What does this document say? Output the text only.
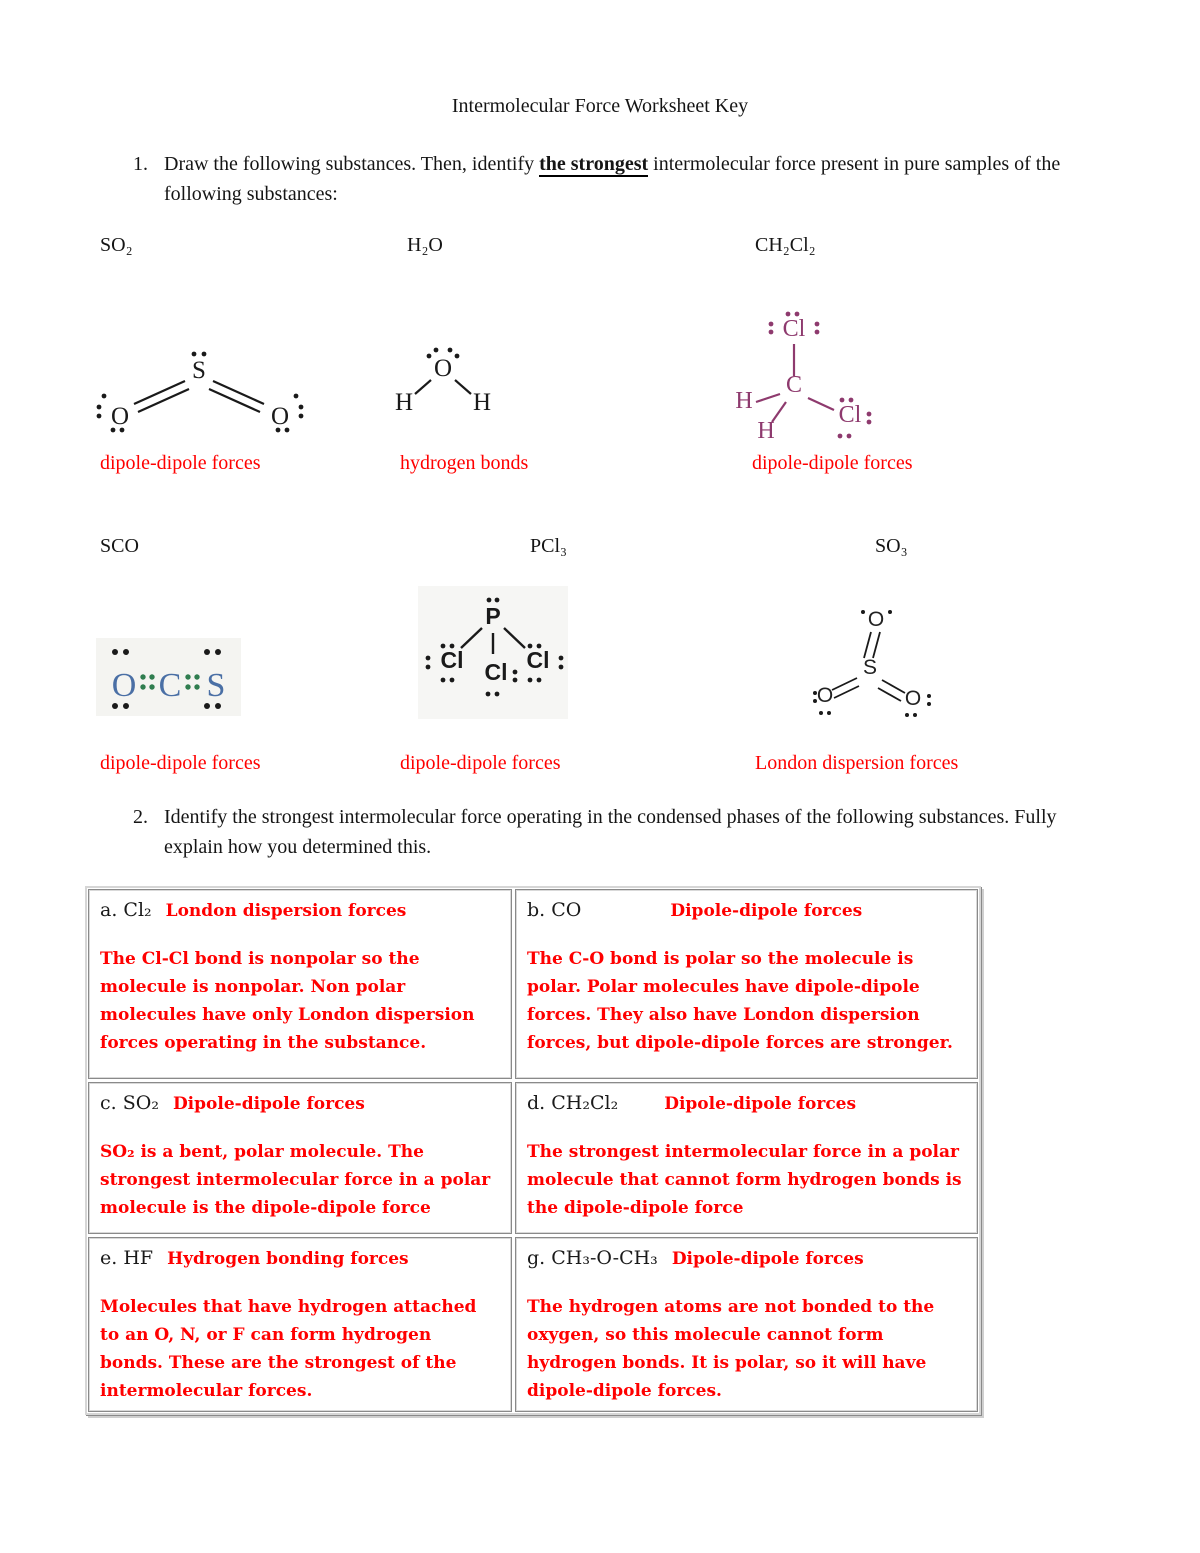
Intermolecular Force Worksheet Key
1. Draw the following substances. Then, identify the strongest intermolecular force present in pure samples of the following substances:
SO₂	H₂O	CH₂Cl₂
S
O	O
O
H H
Cl
C
H
H
Cl
dipole-dipole forces	hydrogen bonds	dipole-dipole forces
SCO	PCl₃	SO₃
O C S
P
Cl Cl Cl
O
S
O	O
dipole-dipole forces	dipole-dipole forces	London dispersion forces
2. Identify the strongest intermolecular force operating in the condensed phases of the following substances. Fully explain how you determined this.
a. Cl₂ London dispersion forces
The Cl-Cl bond is nonpolar so the molecule is nonpolar. Non polar molecules have only London dispersion forces operating in the substance.
b. CO	Dipole-dipole forces
The C-O bond is polar so the molecule is polar. Polar molecules have dipole-dipole forces. They also have London dispersion forces, but dipole-dipole forces are stronger.
c. SO₂ Dipole-dipole forces
SO₂ is a bent, polar molecule. The strongest intermolecular force in a polar molecule is the dipole-dipole force
d. CH₂Cl₂	Dipole-dipole forces
The strongest intermolecular force in a polar molecule that cannot form hydrogen bonds is the dipole-dipole force
e. HF Hydrogen bonding forces
Molecules that have hydrogen attached to an O, N, or F can form hydrogen bonds. These are the strongest of the intermolecular forces.
g. CH₃-O-CH₃ Dipole-dipole forces
The hydrogen atoms are not bonded to the oxygen, so this molecule cannot form hydrogen bonds. It is polar, so it will have dipole-dipole forces.
